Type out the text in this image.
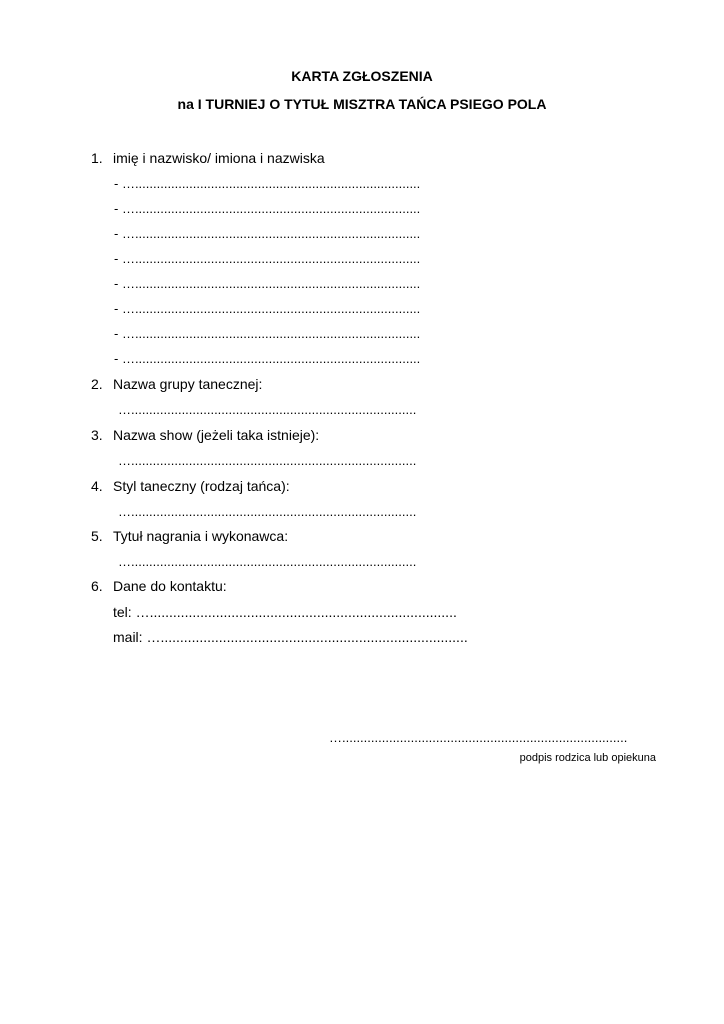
KARTA ZGŁOSZENIA
na I TURNIEJ O TYTUŁ MISZTRA TAŃCA PSIEGO POLA
1. imię i nazwisko/ imiona i nazwiska
- …...............................................................................
- …...............................................................................
- …...............................................................................
- …...............................................................................
- …...............................................................................
- …...............................................................................
- …...............................................................................
- …...............................................................................
2. Nazwa grupy tanecznej:
…...............................................................................
3. Nazwa show (jeżeli taka istnieje):
…...............................................................................
4. Styl taneczny (rodzaj tańca):
…...............................................................................
5. Tytuł nagrania i wykonawca:
…...............................................................................
6. Dane do kontaktu:
tel: …...............................................................................
mail: …...............................................................................
…...............................................................................
podpis rodzica lub opiekuna
